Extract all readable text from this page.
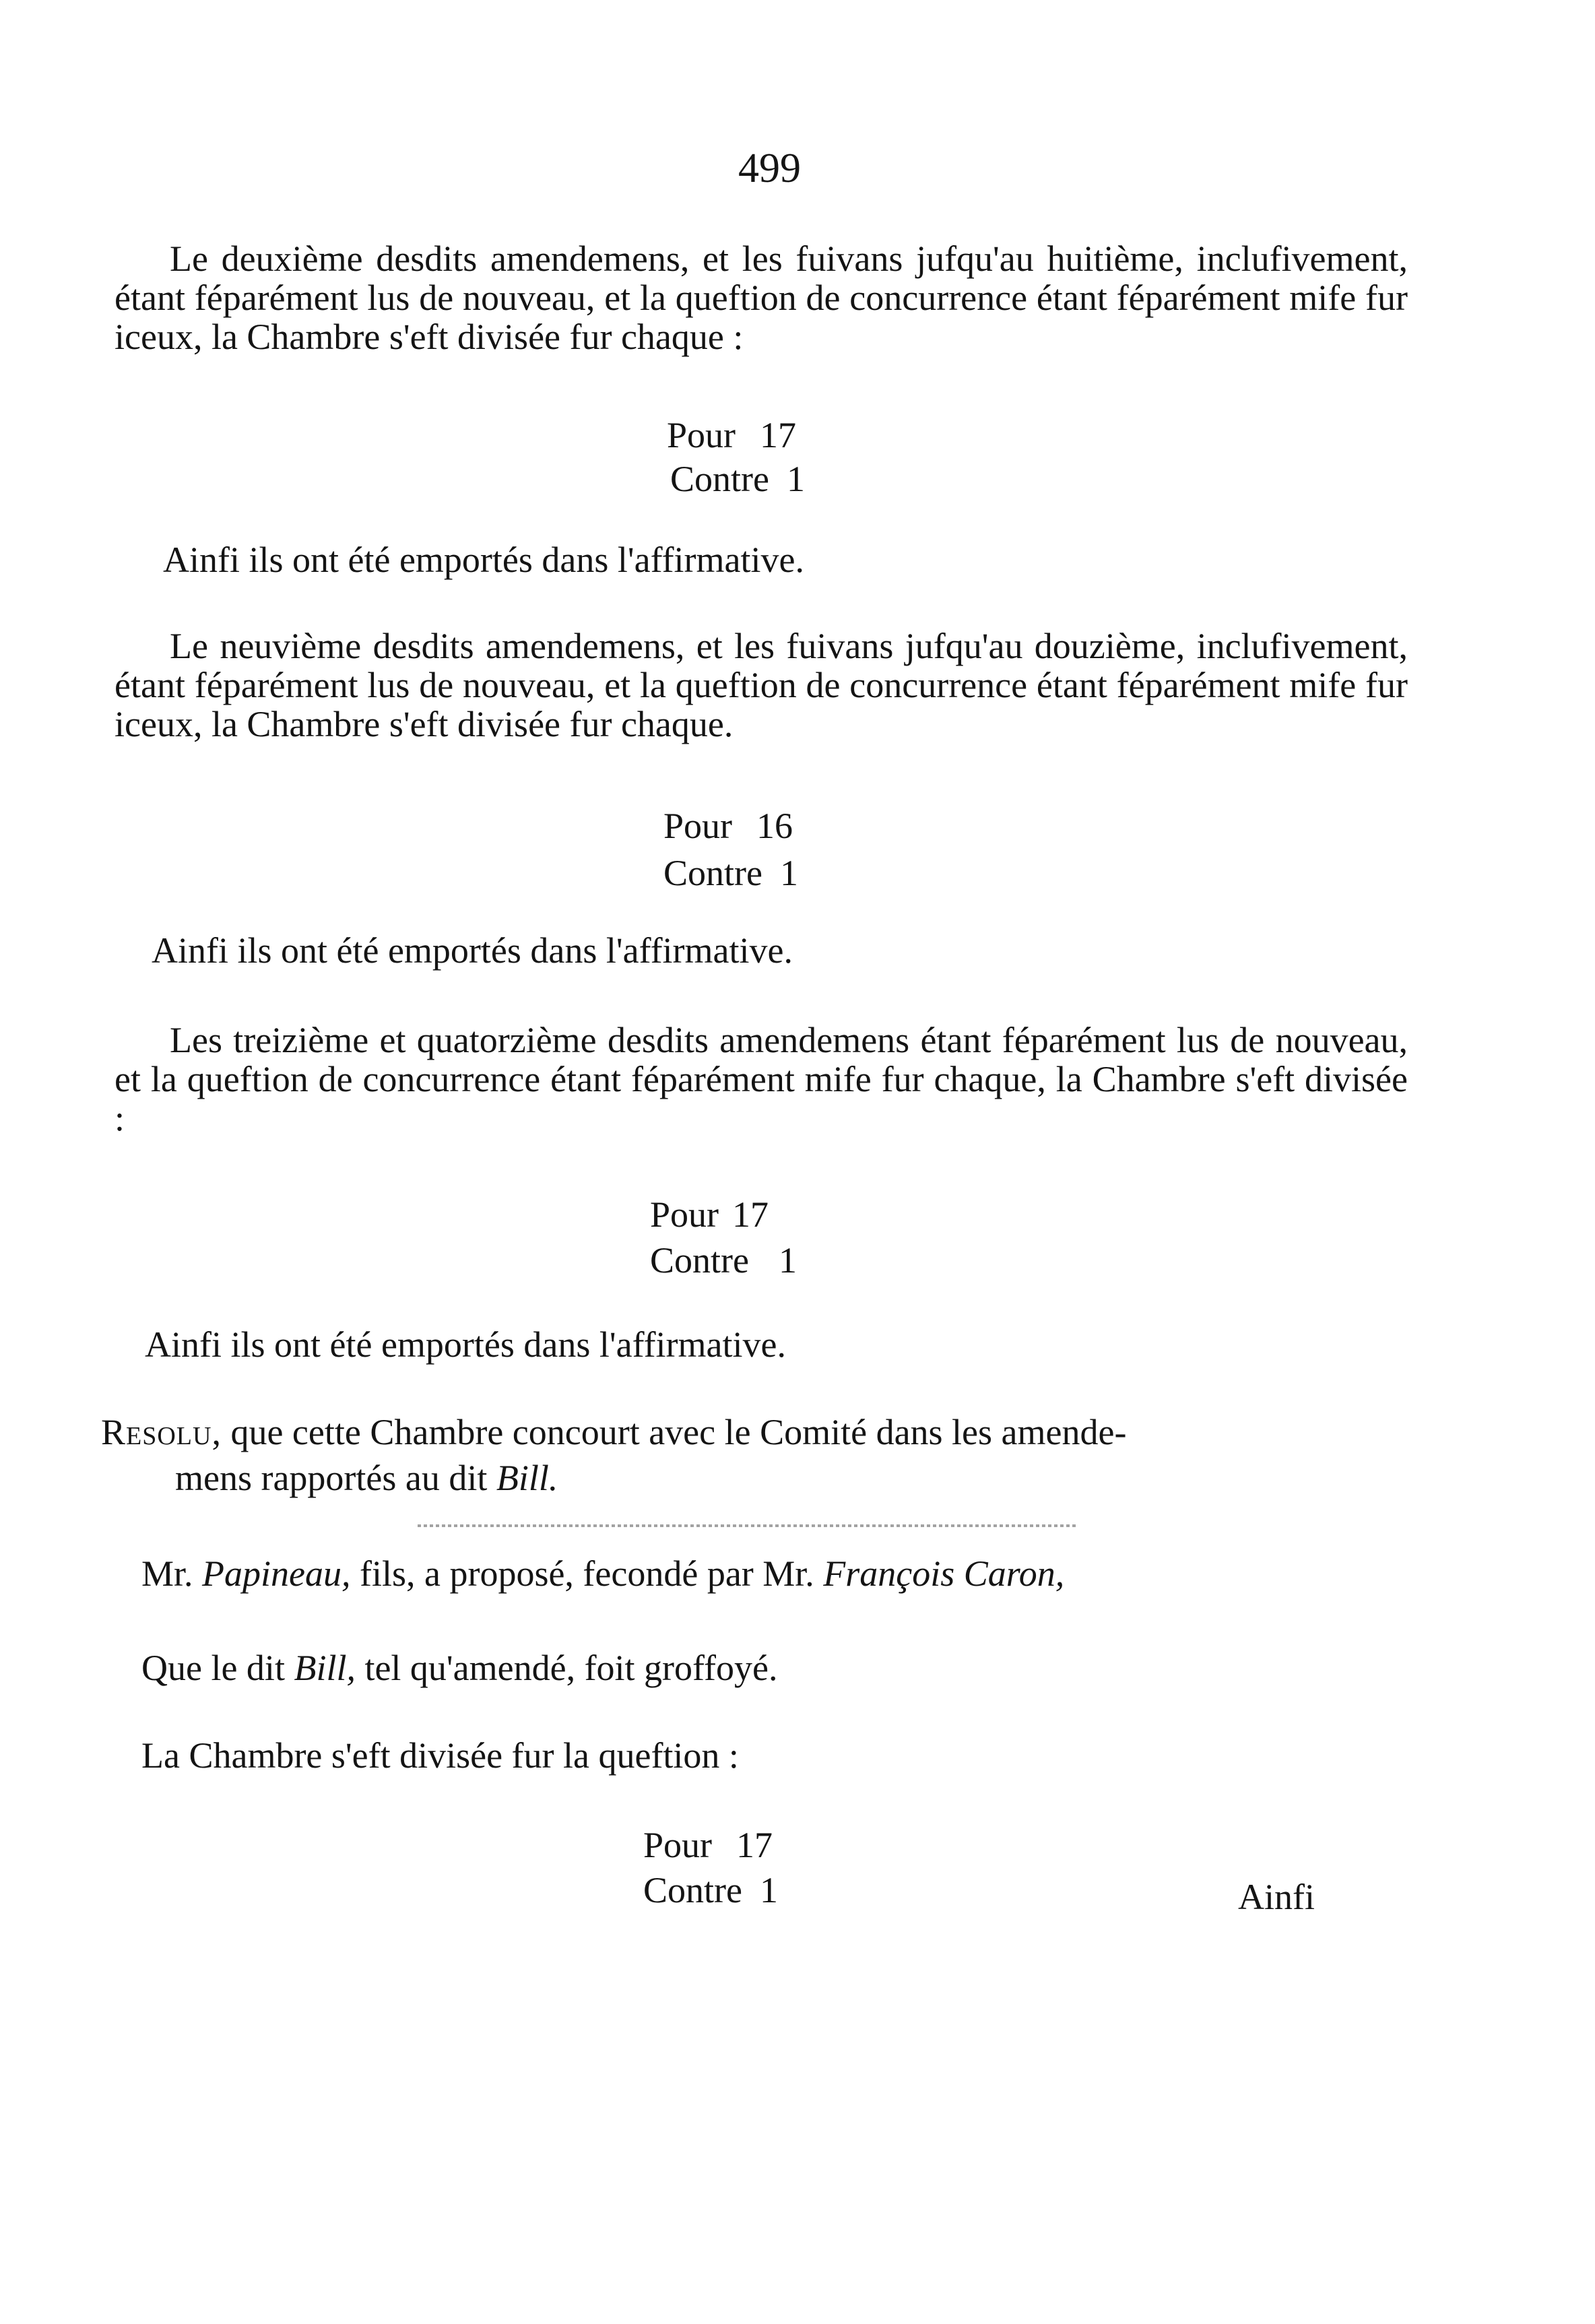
499
Le deuxième desdits amendemens, et les fuivans jufqu'au huitième, inclufivement, étant féparément lus de nouveau, et la queftion de concurrence étant féparément mife fur iceux, la Chambre s'eft divisée fur chaque :
Pour 17
Contre 1
Ainfi ils ont été emportés dans l'affirmative.
Le neuvième desdits amendemens, et les fuivans jufqu'au douzième, inclufivement, étant féparément lus de nouveau, et la queftion de concurrence étant féparément mife fur iceux, la Chambre s'eft divisée fur chaque.
Pour 16
Contre 1
Ainfi ils ont été emportés dans l'affirmative.
Les treizième et quatorzième desdits amendemens étant féparément lus de nouveau, et la queftion de concurrence étant féparément mife fur chaque, la Chambre s'eft divisée :
Pour 17
Contre 1
Ainfi ils ont été emportés dans l'affirmative.
Resolu, que cette Chambre concourt avec le Comité dans les amende-
mens rapportés au dit Bill.
Mr. Papineau, fils, a proposé, fecondé par Mr. François Caron,
Que le dit Bill, tel qu'amendé, foit groffoyé.
La Chambre s'eft divisée fur la queftion :
Pour 17
Contre 1	Ainfi
